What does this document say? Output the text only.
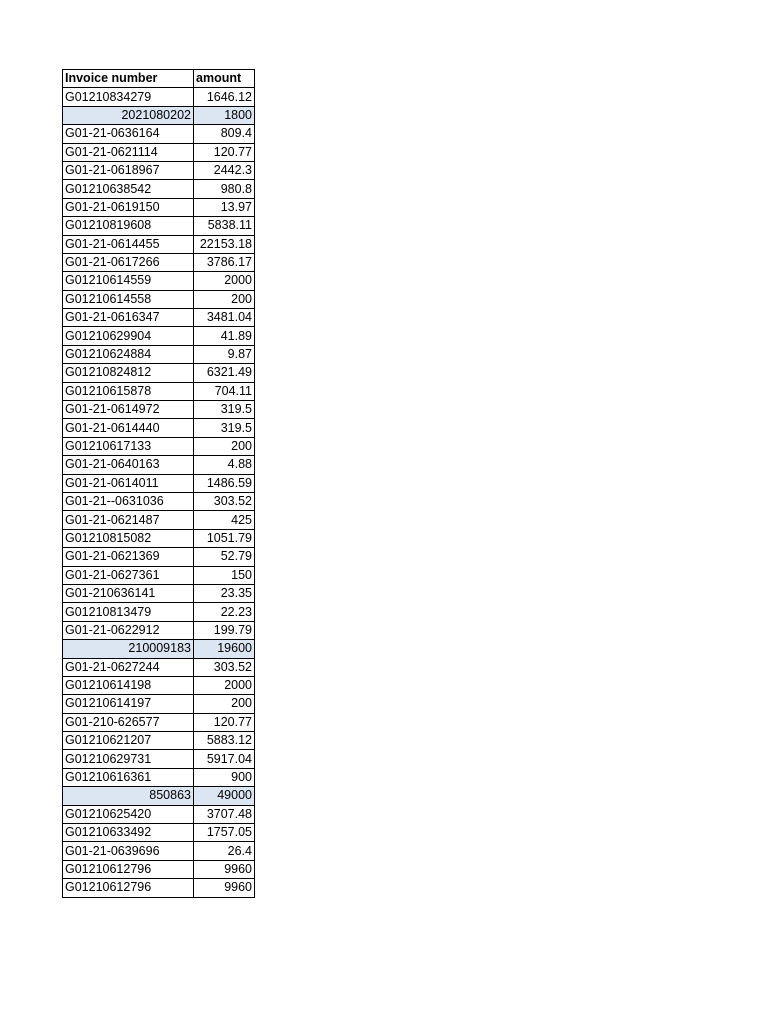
Invoice number	amount
G01210834279	1646.12
2021080202	1800
G01-21-0636164	809.4
G01-21-0621114	120.77
G01-21-0618967	2442.3
G01210638542	980.8
G01-21-0619150	13.97
G01210819608	5838.11
G01-21-0614455	22153.18
G01-21-0617266	3786.17
G01210614559	2000
G01210614558	200
G01-21-0616347	3481.04
G01210629904	41.89
G01210624884	9.87
G01210824812	6321.49
G01210615878	704.11
G01-21-0614972	319.5
G01-21-0614440	319.5
G01210617133	200
G01-21-0640163	4.88
G01-21-0614011	1486.59
G01-21--0631036	303.52
G01-21-0621487	425
G01210815082	1051.79
G01-21-0621369	52.79
G01-21-0627361	150
G01-210636141	23.35
G01210813479	22.23
G01-21-0622912	199.79
210009183	19600
G01-21-0627244	303.52
G01210614198	2000
G01210614197	200
G01-210-626577	120.77
G01210621207	5883.12
G01210629731	5917.04
G01210616361	900
850863	49000
G01210625420	3707.48
G01210633492	1757.05
G01-21-0639696	26.4
G01210612796	9960
G01210612796	9960
